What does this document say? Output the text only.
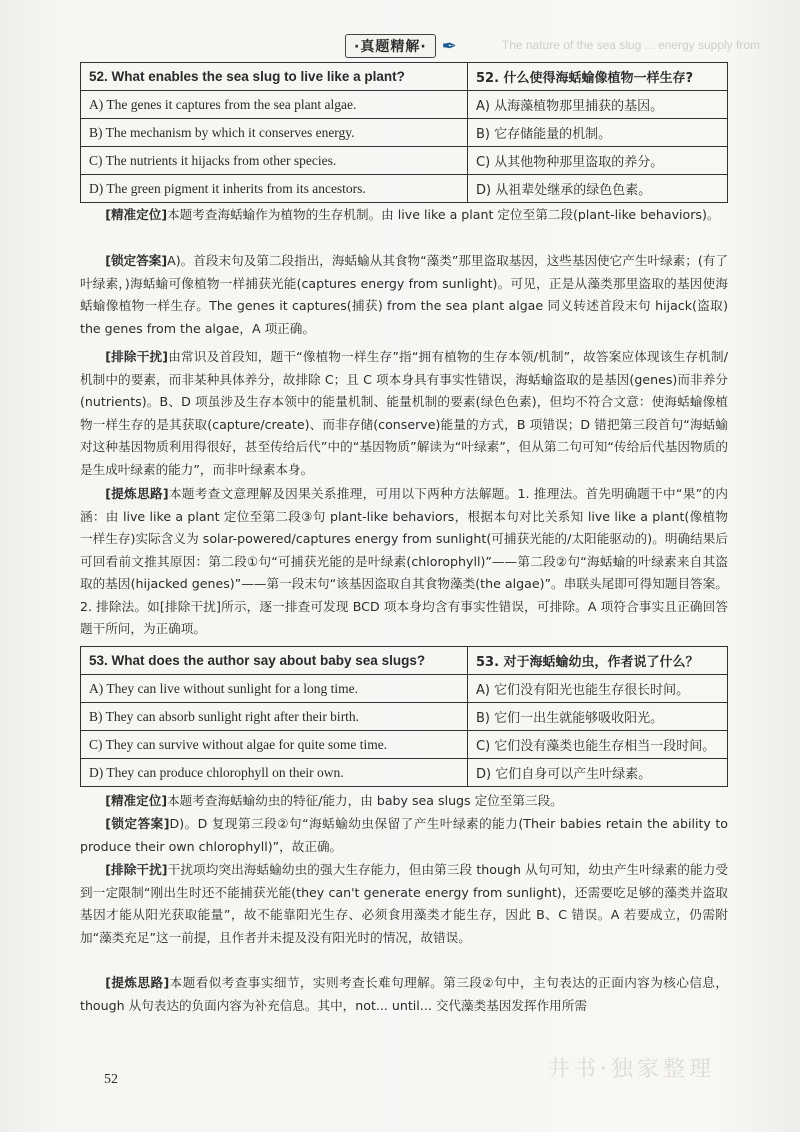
·真题精解· ✒	The nature of the sea slug ... energy supply from
52. What enables the sea slug to live like a plant?	52. 什么使得海蛞蝓像植物一样生存?
A) The genes it captures from the sea plant algae.	A) 从海藻植物那里捕获的基因。
B) The mechanism by which it conserves energy.	B) 它存储能量的机制。
C) The nutrients it hijacks from other species.	C) 从其他物种那里盗取的养分。
D) The green pigment it inherits from its ancestors.	D) 从祖辈处继承的绿色色素。
[精准定位]本题考查海蛞蝓作为植物的生存机制。由 live like a plant 定位至第二段(plant-like behaviors)。
[锁定答案]A)。首段末句及第二段指出，海蛞蝓从其食物“藻类”那里盗取基因，这些基因使它产生叶绿素；(有了叶绿素，)海蛞蝓可像植物一样捕获光能(captures energy from sunlight)。可见，正是从藻类那里盗取的基因使海蛞蝓像植物一样生存。The genes it captures(捕获) from the sea plant algae 同义转述首段末句 hijack(盗取) the genes from the algae，A 项正确。
[排除干扰]由常识及首段知，题干“像植物一样生存”指“拥有植物的生存本领/机制”，故答案应体现该生存机制/机制中的要素，而非某种具体养分，故排除 C；且 C 项本身具有事实性错误，海蛞蝓盗取的是基因(genes)而非养分(nutrients)。B、D 项虽涉及生存本领中的能量机制、能量机制的要素(绿色色素)，但均不符合文意：使海蛞蝓像植物一样生存的是其获取(capture/create)、而非存储(conserve)能量的方式，B 项错误；D 错把第三段首句“海蛞蝓对这种基因物质利用得很好，甚至传给后代”中的“基因物质”解读为“叶绿素”，但从第二句可知“传给后代基因物质的是生成叶绿素的能力”，而非叶绿素本身。
[提炼思路]本题考查文意理解及因果关系推理，可用以下两种方法解题。1. 推理法。首先明确题干中“果”的内涵：由 live like a plant 定位至第二段③句 plant-like behaviors，根据本句对比关系知 live like a plant(像植物一样生存)实际含义为 solar-powered/captures energy from sunlight(可捕获光能的/太阳能驱动的)。明确结果后可回看前文推其原因：第二段①句“可捕获光能的是叶绿素(chlorophyll)”——第二段②句“海蛞蝓的叶绿素来自其盗取的基因(hijacked genes)”——第一段末句“该基因盗取自其食物藻类(the algae)”。串联头尾即可得知题目答案。2. 排除法。如[排除干扰]所示，逐一排查可发现 BCD 项本身均含有事实性错误，可排除。A 项符合事实且正确回答题干所问，为正确项。
53. What does the author say about baby sea slugs?	53. 对于海蛞蝓幼虫，作者说了什么？
A) They can live without sunlight for a long time.	A) 它们没有阳光也能生存很长时间。
B) They can absorb sunlight right after their birth.	B) 它们一出生就能够吸收阳光。
C) They can survive without algae for quite some time.	C) 它们没有藻类也能生存相当一段时间。
D) They can produce chlorophyll on their own.	D) 它们自身可以产生叶绿素。
[精准定位]本题考查海蛞蝓幼虫的特征/能力，由 baby sea slugs 定位至第三段。
[锁定答案]D)。D 复现第三段②句“海蛞蝓幼虫保留了产生叶绿素的能力(Their babies retain the ability to produce their own chlorophyll)”，故正确。
[排除干扰]干扰项均突出海蛞蝓幼虫的强大生存能力，但由第三段 though 从句可知，幼虫产生叶绿素的能力受到一定限制“刚出生时还不能捕获光能(they can't generate energy from sunlight)，还需要吃足够的藻类并盗取基因才能从阳光获取能量”，故不能靠阳光生存、必须食用藻类才能生存，因此 B、C 错误。A 若要成立，仍需附加“藻类充足”这一前提，且作者并未提及没有阳光时的情况，故错误。
[提炼思路]本题看似考查事实细节，实则考查长难句理解。第三段②句中，主句表达的正面内容为核心信息，though 从句表达的负面内容为补充信息。其中，not... until... 交代藻类基因发挥作用所需
井书·独家整理
52
